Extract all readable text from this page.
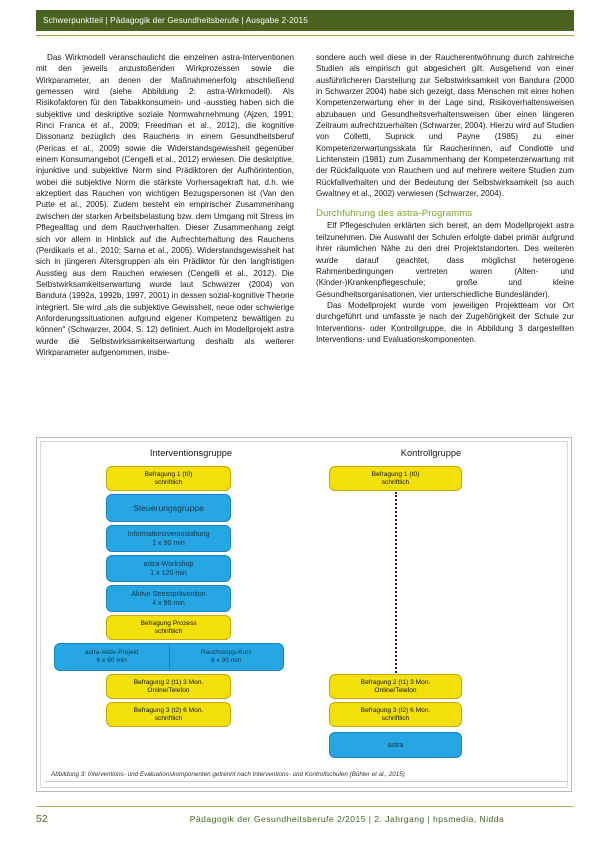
Schwerpunktteil | Pädagogik der Gesundheitsberufe | Ausgabe 2-2015

Das Wirkmodell veranschaulicht die einzelnen astra-Interventionen mit den jeweils anzustoßenden Wirkprozessen sowie die Wirkparameter, an denen der Maßnahmenerfolg abschließend gemessen wird (siehe Abbildung 2: astra-Wirkmodell). Als Risikofaktoren für den Tabakkonsumein- und -ausstieg haben sich die subjektive und deskriptive soziale Normwahrnehmung (Ajzen, 1991; Rinci Franca et al., 2009; Freedman et al., 2012), die kognitive Dissonanz bezüglich des Rauchens in einem Gesundheitsberuf (Pericas et al., 2009) sowie die Widerstandsgewissheit gegenüber einem Konsumangebot (Cengelli et al., 2012) erwiesen. Die deskriptive, injunktive und subjektive Norm sind Prädiktoren der Aufhörintention, wobei die subjektive Norm die stärkste Vorhersagekraft hat, d.h. wie akzeptiert das Rauchen von wichtigen Bezugspersonen ist (Van den Putte et al., 2005). Zudem besteht ein empirischer Zusammenhang zwischen der starken Arbeitsbelastung bzw. dem Umgang mit Stress im Pflegealltag und dem Rauchverhalten. Dieser Zusammenhang zeigt sich vor allem in Hinblick auf die Aufrechterhaltung des Rauchens (Perdikaris et al., 2010; Sarna et al., 2005). Widerstandsgewissheit hat sich in jüngeren Altersgruppen als ein Prädiktor für den langfristigen Ausstieg aus dem Rauchen erwiesen (Cengelli et al., 2012). Die Selbstwirksamkeitserwartung wurde laut Schwarzer (2004) von Bandura (1992a, 1992b, 1997, 2001) in dessen sozial-kognitive Theorie integriert. Sie wird „als die subjektive Gewissheit, neue oder schwierige Anforderungssituationen aufgrund eigener Kompetenz bewältigen zu können" (Schwarzer, 2004, S. 12) definiert. Auch im Modellprojekt astra wurde die Selbstwirksamkeitserwartung deshalb als weiterer Wirkparameter aufgenommen, insbe-

sondere auch weil diese in der Raucherentwöhnung durch zahlreiche Studien als empirisch gut abgesichert gilt. Ausgehend von einer ausführlicheren Darstellung zur Selbstwirksamkeit von Bandura (2000 in Schwarzer 2004) habe sich gezeigt, dass Menschen mit einer hohen Kompetenzerwartung eher in der Lage sind, Risikoverhaltensweisen abzubauen und Gesundheitsverhaltensweisen über einen längeren Zeitraum aufrechtzuerhalten (Schwarzer, 2004). Hierzu wird auf Studien von Colletti, Supnick und Payne (1985) zu einer Kompetenzerwartungsskala für Raucherinnen, auf Condiotte und Lichtenstein (1981) zum Zusammenhang der Kompetenzerwartung mit der Rückfallquote von Rauchern und auf mehrere weitere Studien zum Rückfallverhalten und der Bedeutung der Selbstwirksamkeit (so auch Gwaltney et al., 2002) verwiesen (Schwarzer, 2004).

Durchführung des astra-Programms

Elf Pflegeschulen erklärten sich bereit, an dem Modellprojekt astra teilzunehmen. Die Auswahl der Schulen erfolgte dabei primär aufgrund ihrer räumlichen Nähe zu den drei Projektstandorten. Des weiteren wurde darauf geachtet, dass möglichst heterogene Rahmenbedingungen vertreten waren (Alten- und (Kinder-)Krankenpflegeschule; große und kleine Gesundheitsorganisationen, vier unterschiedliche Bundesländer).

Das Modellprojekt wurde vom jeweiligen Projektteam vor Ort durchgeführt und umfasste je nach der Zugehörigkeit der Schule zur Interventions- oder Kontrollgruppe, die in Abbildung 3 dargestellten Interventions- und Evaluationskomponenten.

Interventionsgruppe	Kontrollgruppe
Befragung 1 (t0)
schriftlich
Steuerungsgruppe
Informationsveranstaltung
1 x 90 min
astra-Workshop
1 x 120 min
Aktive Stressprävention
4 x 90 min
Befragung Prozess
schriftlich
astra-Aktiv-Projekt
6 x 90 min
Rauchstopp-Kurs
6 x 90 min
Befragung 2 (t1) 3 Mon.
Online/Telefon
Befragung 3 (t2) 6 Mon.
schriftlich
Befragung 1 (t0)
schriftlich
Befragung 2 (t1) 3 Mon.
Online/Telefon
Befragung 3 (t2) 6 Mon.
schriftlich
astra
Abbildung 3: Interventions- und Evaluationskomponenten getrennt nach Interventions- und Kontrollschulen (Bühler et al., 2015)
52	Pädagogik der Gesundheitsberufe 2/2015 | 2. Jahrgang | hpsmedia, Nidda
